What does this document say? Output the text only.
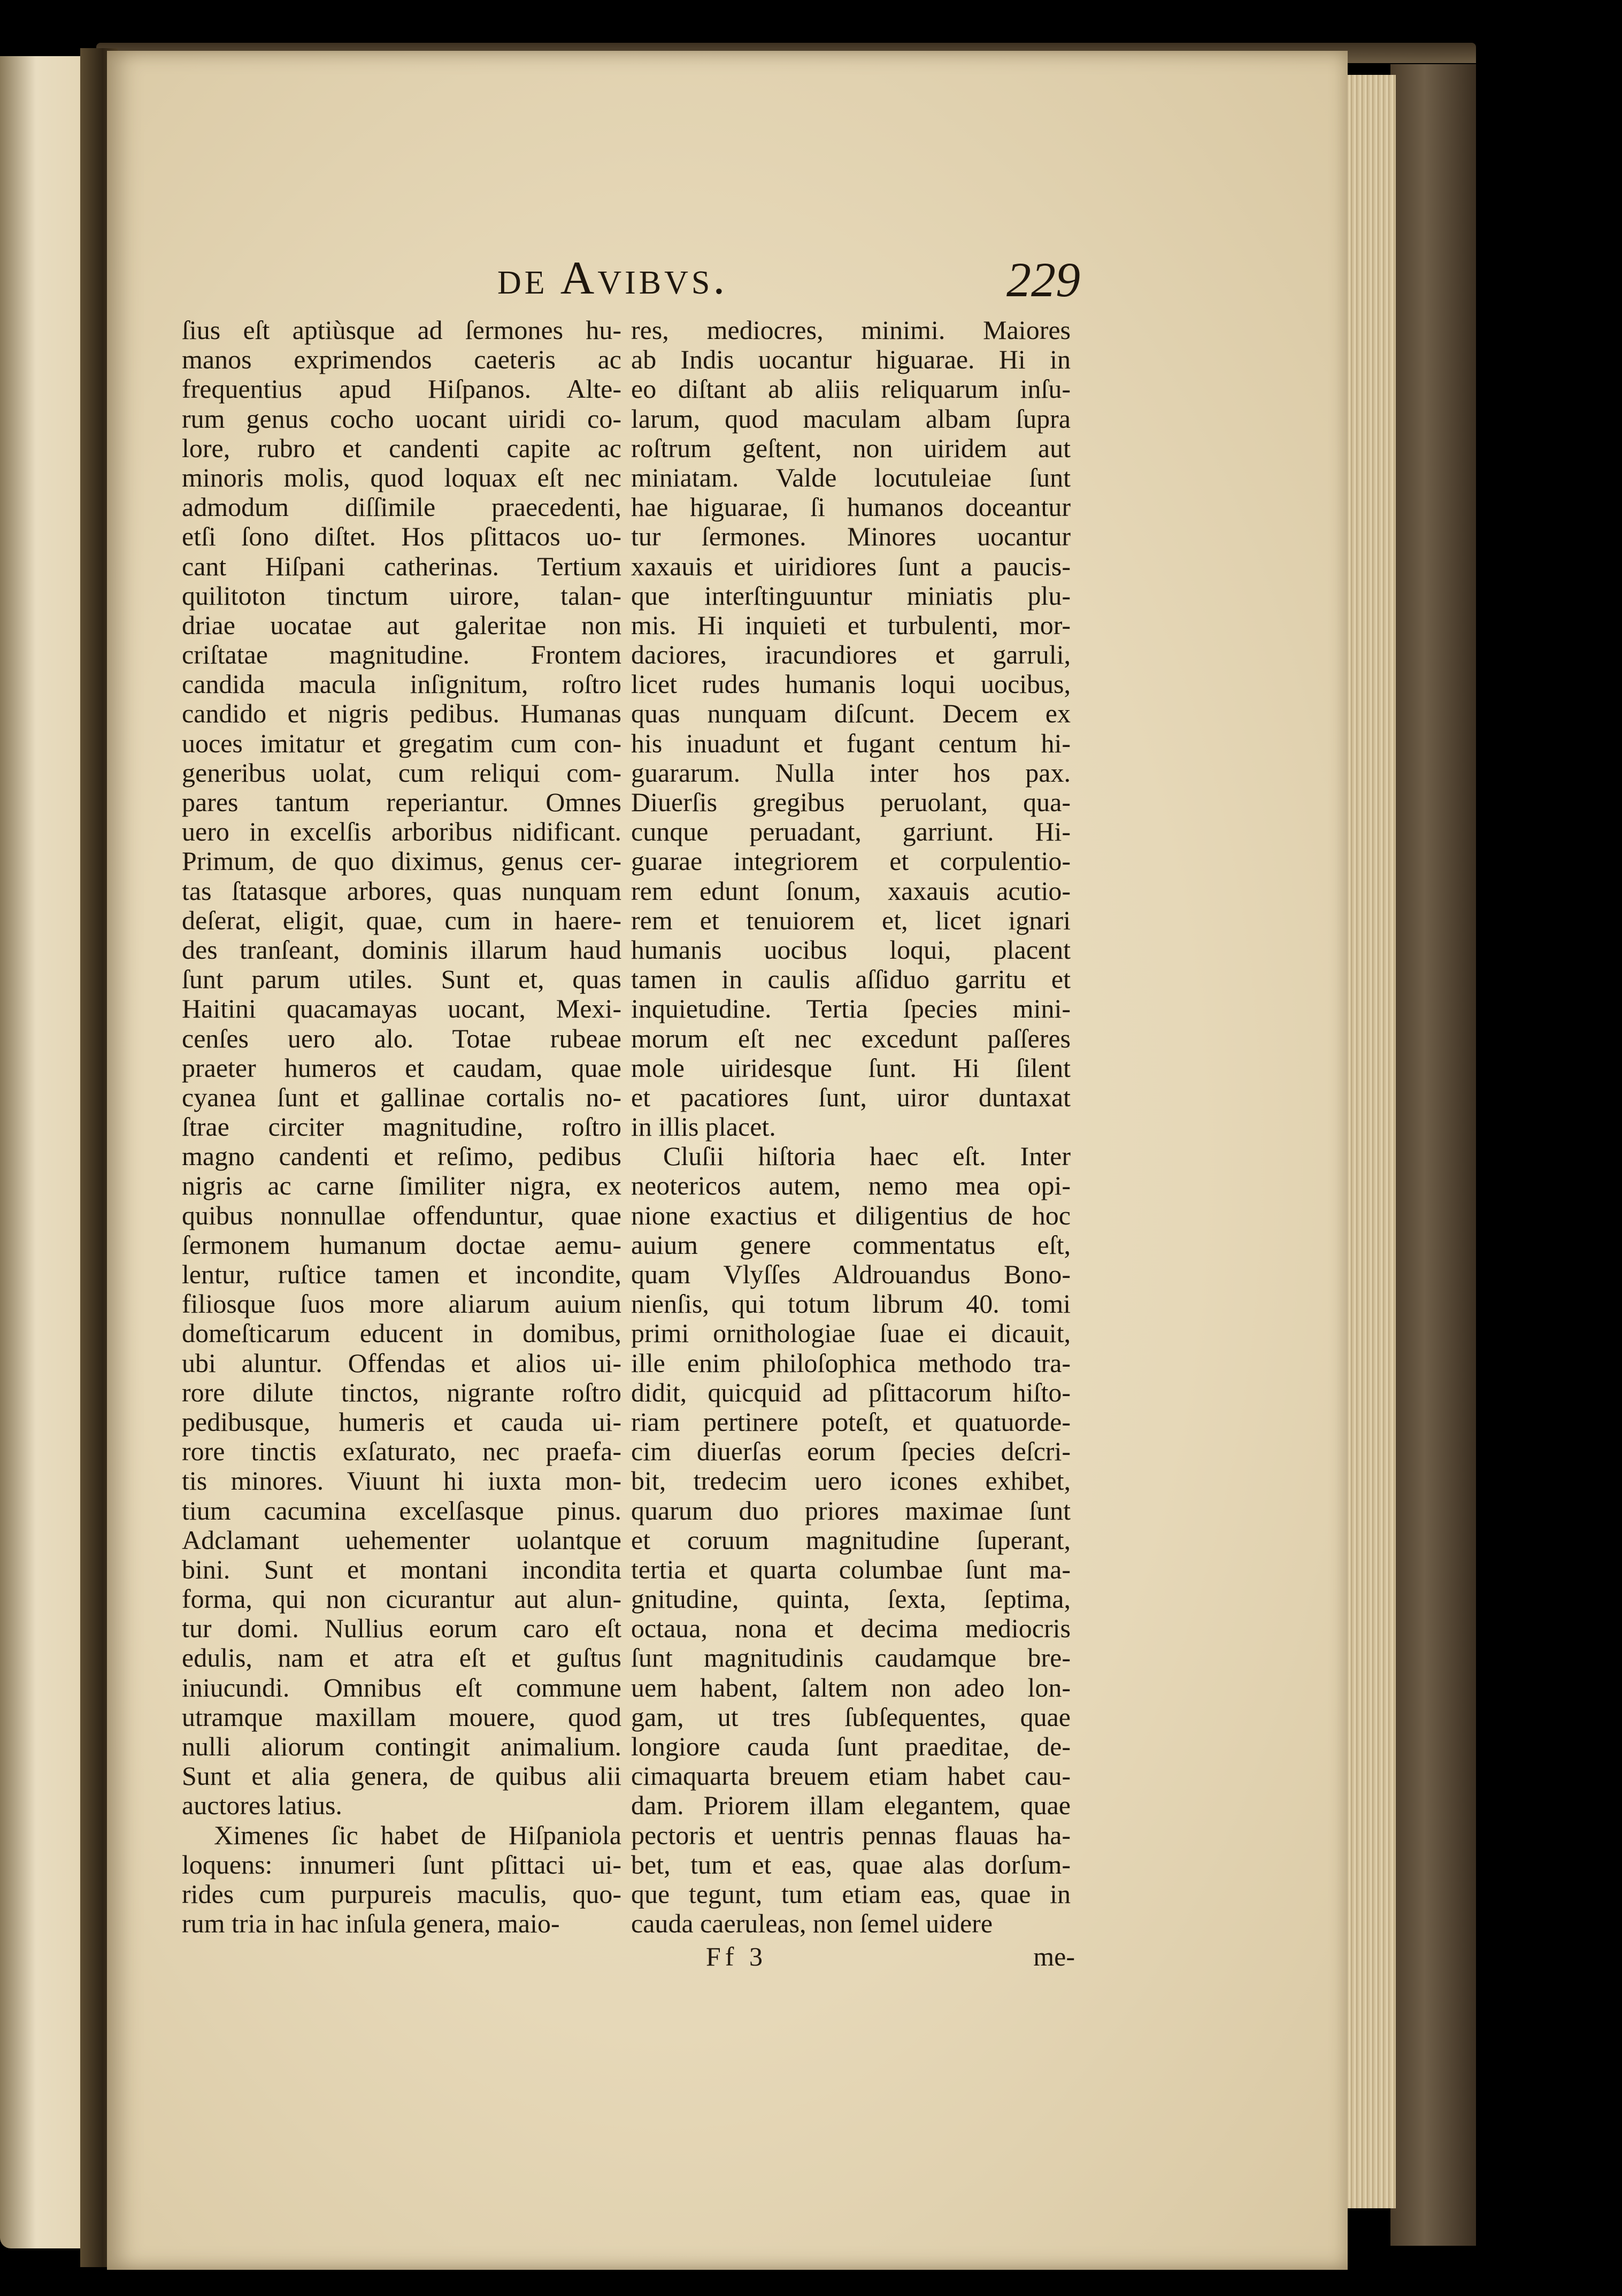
de Avibvs.	229
ſius eſt aptiùsque ad ſermones hu-
manos exprimendos caeteris ac
frequentius apud Hiſpanos. Alte-
rum genus cocho uocant uiridi co-
lore, rubro et candenti capite ac
minoris molis, quod loquax eſt nec
admodum diſſimile praecedenti,
etſi ſono diſtet. Hos pſittacos uo-
cant Hiſpani catherinas. Tertium
quilitoton tinctum uirore, talan-
driae uocatae aut galeritae non
criſtatae magnitudine. Frontem
candida macula inſignitum, roſtro
candido et nigris pedibus. Humanas
uoces imitatur et gregatim cum con-
generibus uolat, cum reliqui com-
pares tantum reperiantur. Omnes
uero in excelſis arboribus nidificant.
Primum, de quo diximus, genus cer-
tas ſtatasque arbores, quas nunquam
deſerat, eligit, quae, cum in haere-
des tranſeant, dominis illarum haud
ſunt parum utiles. Sunt et, quas
Haitini quacamayas uocant, Mexi-
cenſes uero alo. Totae rubeae
praeter humeros et caudam, quae
cyanea ſunt et gallinae cortalis no-
ſtrae circiter magnitudine, roſtro
magno candenti et reſimo, pedibus
nigris ac carne ſimiliter nigra, ex
quibus nonnullae offenduntur, quae
ſermonem humanum doctae aemu-
lentur, ruſtice tamen et incondite,
filiosque ſuos more aliarum auium
domeſticarum educent in domibus,
ubi aluntur. Offendas et alios ui-
rore dilute tinctos, nigrante roſtro
pedibusque, humeris et cauda ui-
rore tinctis exſaturato, nec praefa-
tis minores. Viuunt hi iuxta mon-
tium cacumina excelſasque pinus.
Adclamant uehementer uolantque
bini. Sunt et montani incondita
forma, qui non cicurantur aut alun-
tur domi. Nullius eorum caro eſt
edulis, nam et atra eſt et guſtus
iniucundi. Omnibus eſt commune
utramque maxillam mouere, quod
nulli aliorum contingit animalium.
Sunt et alia genera, de quibus alii
auctores latius.
Ximenes ſic habet de Hiſpaniola
loquens: innumeri ſunt pſittaci ui-
rides cum purpureis maculis, quo-
rum tria in hac inſula genera, maio-
res, mediocres, minimi. Maiores
ab Indis uocantur higuarae. Hi in
eo diſtant ab aliis reliquarum inſu-
larum, quod maculam albam ſupra
roſtrum geſtent, non uiridem aut
miniatam. Valde locutuleiae ſunt
hae higuarae, ſi humanos doceantur
tur ſermones. Minores uocantur
xaxauis et uiridiores ſunt a paucis-
que interſtinguuntur miniatis plu-
mis. Hi inquieti et turbulenti, mor-
daciores, iracundiores et garruli,
licet rudes humanis loqui uocibus,
quas nunquam diſcunt. Decem ex
his inuadunt et fugant centum hi-
guararum. Nulla inter hos pax.
Diuerſis gregibus peruolant, qua-
cunque peruadant, garriunt. Hi-
guarae integriorem et corpulentio-
rem edunt ſonum, xaxauis acutio-
rem et tenuiorem et, licet ignari
humanis uocibus loqui, placent
tamen in caulis aſſiduo garritu et
inquietudine. Tertia ſpecies mini-
morum eſt nec excedunt paſſeres
mole uiridesque ſunt. Hi ſilent
et pacatiores ſunt, uiror duntaxat
in illis placet.
Cluſii hiſtoria haec eſt. Inter
neotericos autem, nemo mea opi-
nione exactius et diligentius de hoc
auium genere commentatus eſt,
quam Vlyſſes Aldrouandus Bono-
nienſis, qui totum librum 40. tomi
primi ornithologiae ſuae ei dicauit,
ille enim philoſophica methodo tra-
didit, quicquid ad pſittacorum hiſto-
riam pertinere poteſt, et quatuorde-
cim diuerſas eorum ſpecies deſcri-
bit, tredecim uero icones exhibet,
quarum duo priores maximae ſunt
et coruum magnitudine ſuperant,
tertia et quarta columbae ſunt ma-
gnitudine, quinta, ſexta, ſeptima,
octaua, nona et decima mediocris
ſunt magnitudinis caudamque bre-
uem habent, ſaltem non adeo lon-
gam, ut tres ſubſequentes, quae
longiore cauda ſunt praeditae, de-
cimaquarta breuem etiam habet cau-
dam. Priorem illam elegantem, quae
pectoris et uentris pennas flauas ha-
bet, tum et eas, quae alas dorſum-
que tegunt, tum etiam eas, quae in
cauda caeruleas, non ſemel uidere
Ff 3	me-
